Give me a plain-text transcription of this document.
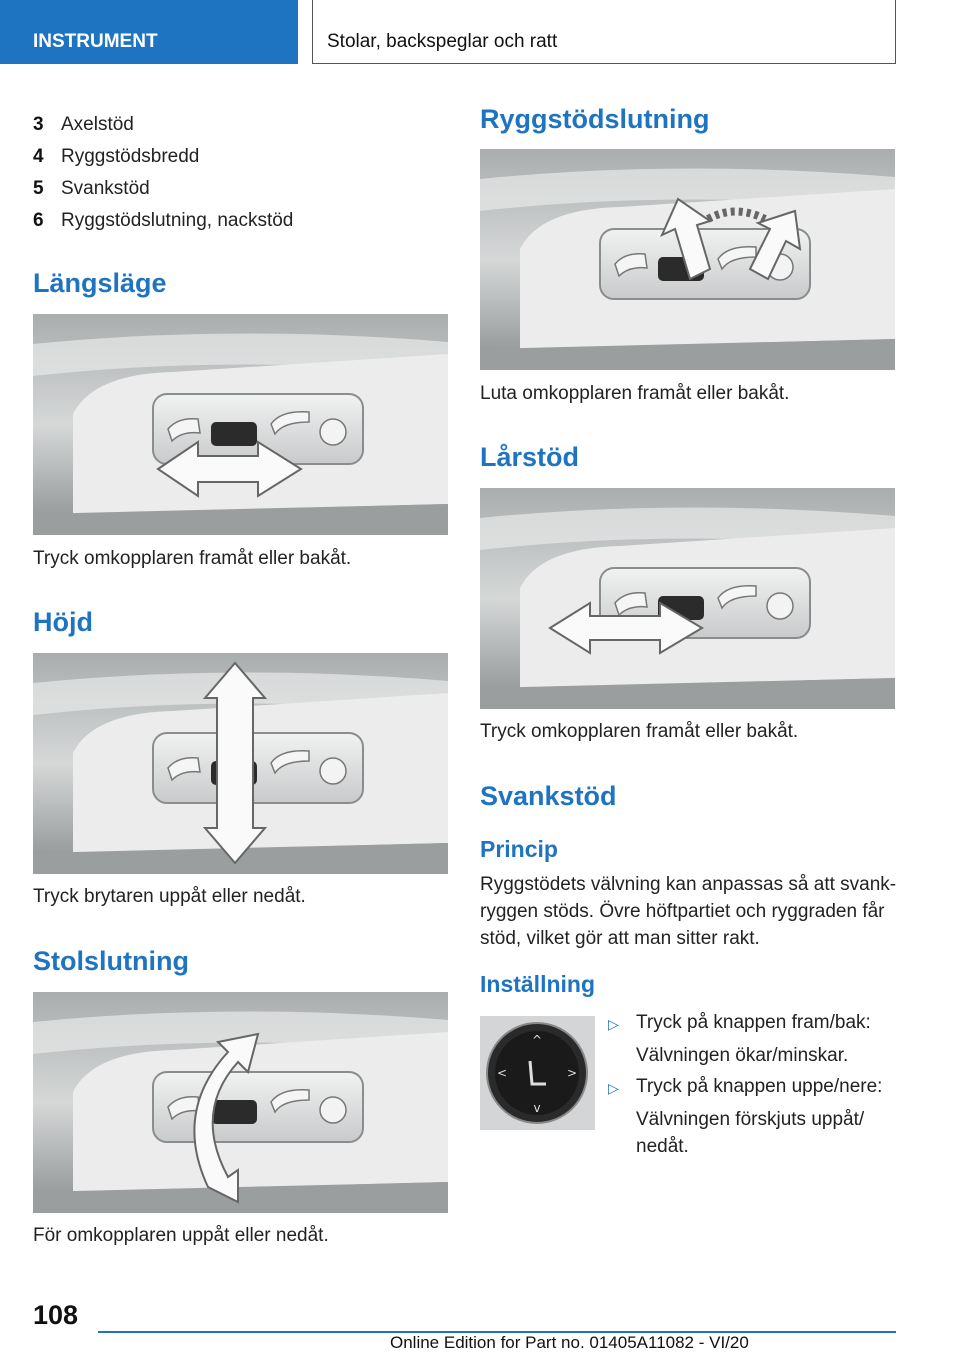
INSTRUMENT	Stolar, backspeglar och ratt
3 Axelstöd
4 Ryggstödsbredd
5 Svankstöd
6 Ryggstödslutning, nackstöd
Längsläge
Tryck omkopplaren framåt eller bakåt.
Höjd
Tryck brytaren uppåt eller nedåt.
Stolslutning
För omkopplaren uppåt eller nedåt.
Ryggstödslutning
Luta omkopplaren framåt eller bakåt.
Lårstöd
Tryck omkopplaren framåt eller bakåt.
Svankstöd
Princip
Ryggstödets välvning kan anpassas så att svank-ryggen stöds. Övre höftpartiet och ryggraden får stöd, vilket gör att man sitter rakt.
Inställning
^
v
<	>
▷ Tryck på knappen fram/bak:
Välvningen ökar/minskar.
▷ Tryck på knappen uppe/nere:
Välvningen förskjuts uppåt/ nedåt.
108
Online Edition for Part no. 01405A11082 - VI/20
